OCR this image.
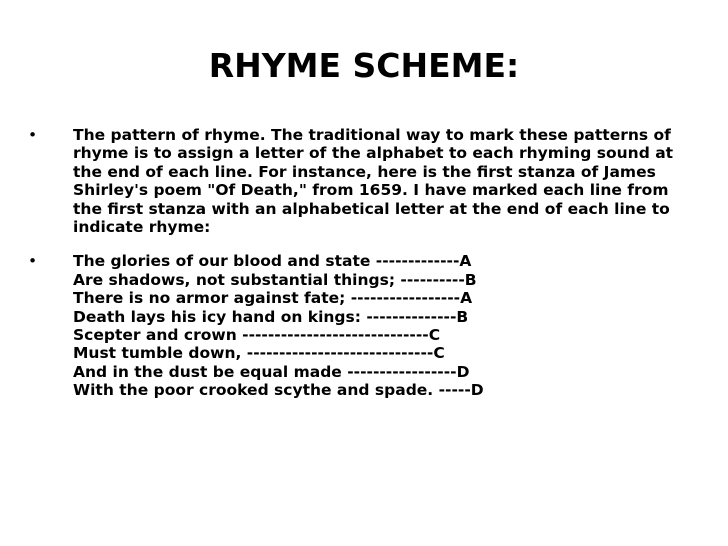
RHYME SCHEME:
•	The pattern of rhyme. The traditional way to mark these patterns of
rhyme is to assign a letter of the alphabet to each rhyming sound at
the end of each line. For instance, here is the first stanza of James
Shirley's poem "Of Death," from 1659. I have marked each line from
the first stanza with an alphabetical letter at the end of each line to
indicate rhyme:
•	The glories of our blood and state -------------A
Are shadows, not substantial things; ----------B
There is no armor against fate; -----------------A
Death lays his icy hand on kings: --------------B
Scepter and crown -----------------------------C
Must tumble down, -----------------------------C
And in the dust be equal made -----------------D
With the poor crooked scythe and spade. -----D
